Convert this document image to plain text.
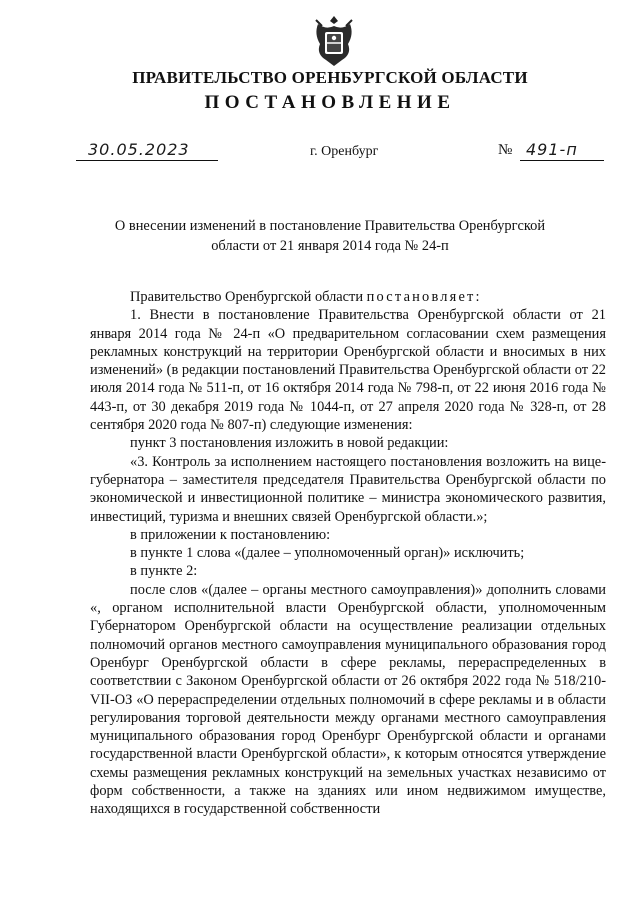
ПРАВИТЕЛЬСТВО ОРЕНБУРГСКОЙ ОБЛАСТИ
ПОСТАНОВЛЕНИЕ
30.05.2023	г. Оренбург	№ 491-п
О внесении изменений в постановление Правительства Оренбургской
области от 21 января 2014 года № 24-п

Правительство Оренбургской области постановляет:

1. Внести в постановление Правительства Оренбургской области от 21 января 2014 года № 24-п «О предварительном согласовании схем размещения рекламных конструкций на территории Оренбургской области и вносимых в них изменений» (в редакции постановлений Правительства Оренбургской области от 22 июля 2014 года № 511-п, от 16 октября 2014 года № 798-п, от 22 июня 2016 года № 443-п, от 30 декабря 2019 года № 1044-п, от 27 апреля 2020 года № 328-п, от 28 сентября 2020 года № 807-п) следующие изменения:

пункт 3 постановления изложить в новой редакции:

«3. Контроль за исполнением настоящего постановления возложить на вице-губернатора – заместителя председателя Правительства Оренбургской области по экономической и инвестиционной политике – министра экономического развития, инвестиций, туризма и внешних связей Оренбургской области.»;

в приложении к постановлению:

в пункте 1 слова «(далее – уполномоченный орган)» исключить;

в пункте 2:

после слов «(далее – органы местного самоуправления)» дополнить словами «, органом исполнительной власти Оренбургской области, уполномоченным Губернатором Оренбургской области на осуществление реализации отдельных полномочий органов местного самоуправления муниципального образования город Оренбург Оренбургской области в сфере рекламы, перераспределенных в соответствии с Законом Оренбургской области от 26 октября 2022 года № 518/210-VII-ОЗ «О перераспределении отдельных полномочий в сфере рекламы и в области регулирования торговой деятельности между органами местного самоуправления муниципального образования город Оренбург Оренбургской области и органами государственной власти Оренбургской области», к которым относятся утверждение схемы размещения рекламных конструкций на земельных участках независимо от форм собственности, а также на зданиях или ином недвижимом имуществе, находящихся в государственной собственности
